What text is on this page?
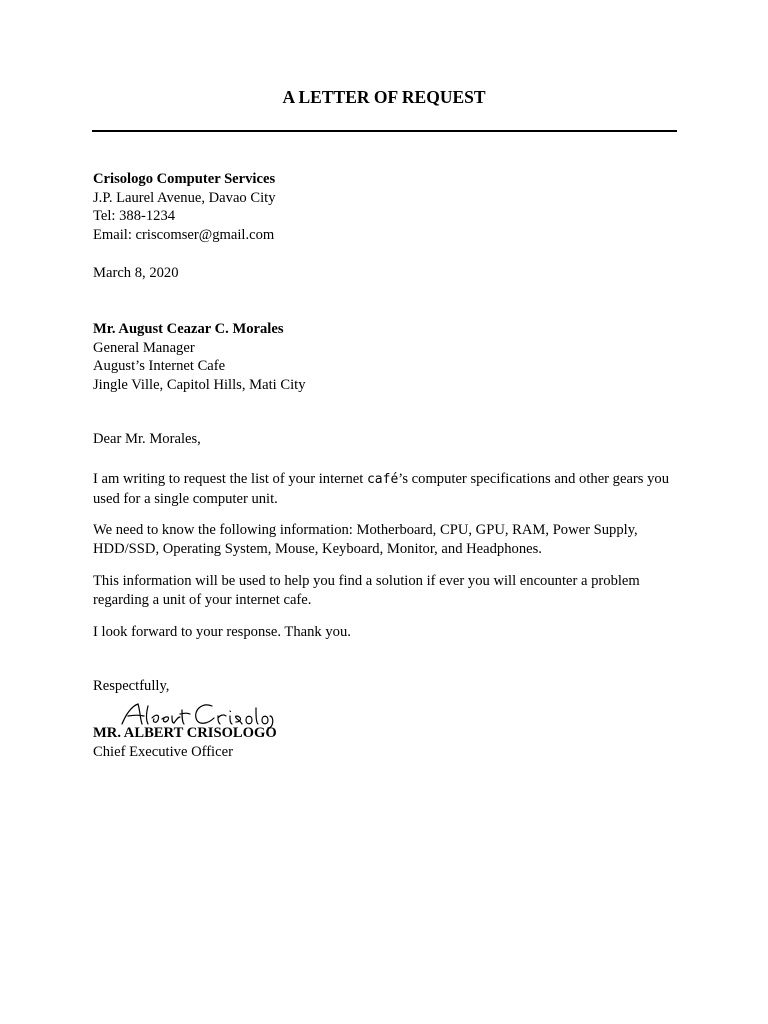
A LETTER OF REQUEST
Crisologo Computer Services
J.P. Laurel Avenue, Davao City
Tel: 388-1234
Email: criscomser@gmail.com
March 8, 2020
Mr. August Ceazar C. Morales
General Manager
August’s Internet Cafe
Jingle Ville, Capitol Hills, Mati City
Dear Mr. Morales,
I am writing to request the list of your internet café’s computer specifications and other gears you used for a single computer unit.
We need to know the following information: Motherboard, CPU, GPU, RAM, Power Supply, HDD/SSD, Operating System, Mouse, Keyboard, Monitor, and Headphones.
This information will be used to help you find a solution if ever you will encounter a problem regarding a unit of your internet cafe.
I look forward to your response. Thank you.
Respectfully,
MR. ALBERT CRISOLOGO
Chief Executive Officer
